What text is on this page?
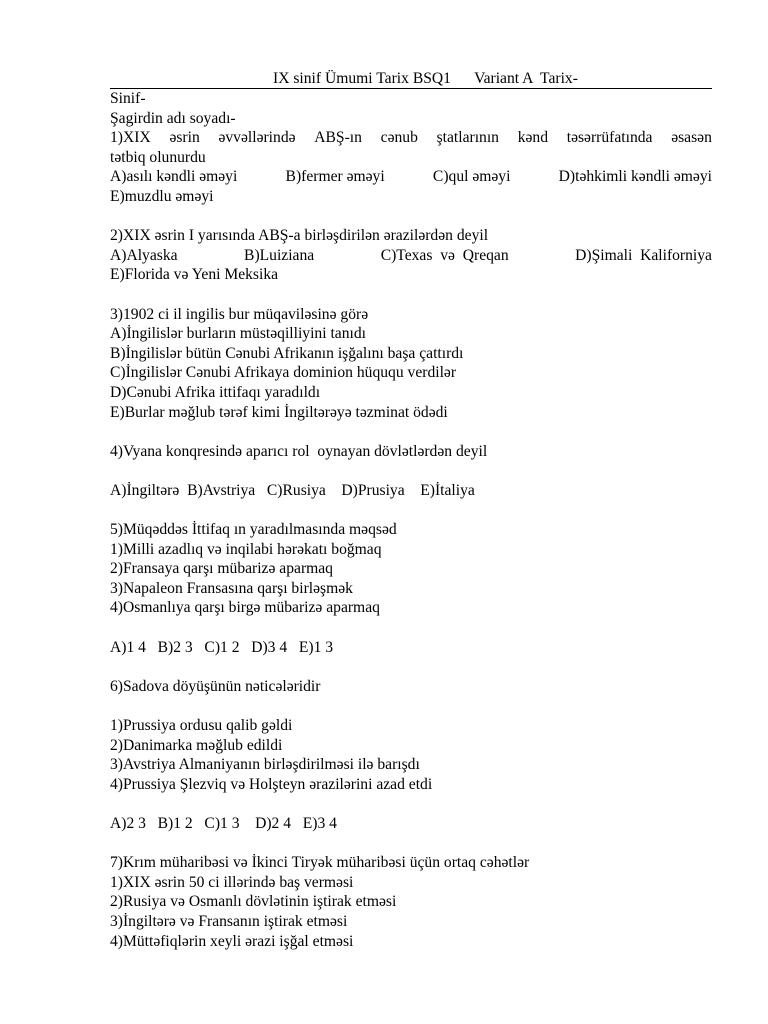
IX sinif Ümumi Tarix BSQ1 Variant A Tarix-
Sinif-
Şagirdin adı soyadı-
1)XIX əsrin əvvəllərində ABŞ-ın cənub ştatlarının kənd təsərrüfatında əsasən
tətbiq olunurdu
A)asılı kəndli əməyi	B)fermer əməyi	C)qul əməyi	D)təhkimli kəndli əməyi
E)muzdlu əməyi
2)XIX əsrin I yarısında ABŞ-a birləşdirilən ərazilərdən deyil
A)Alyaska	B)Luiziana	C)Texas  və  Qreqan	D)Şimali  Kaliforniya
E)Florida və Yeni Meksika
3)1902 ci il ingilis bur müqaviləsinə görə
A)İngilislər burların müstəqilliyini tanıdı
B)İngilislər bütün Cənubi Afrikanın işğalını başa çattırdı
C)İngilislər Cənubi Afrikaya dominion hüququ verdilər
D)Cənubi Afrika ittifaqı yaradıldı
E)Burlar məğlub tərəf kimi İngiltərəyə təzminat ödədi
4)Vyana konqresində aparıcı rol  oynayan dövlətlərdən deyil
A)İngiltərə  B)Avstriya   C)Rusiya    D)Prusiya    E)İtaliya
5)Müqəddəs İttifaq ın yaradılmasında məqsəd
1)Milli azadlıq və inqilabi hərəkatı boğmaq
2)Fransaya qarşı mübarizə aparmaq
3)Napaleon Fransasına qarşı birləşmək
4)Osmanlıya qarşı birgə mübarizə aparmaq
A)1 4   B)2 3   C)1 2   D)3 4   E)1 3
6)Sadova döyüşünün nəticələridir
1)Prussiya ordusu qalib gəldi
2)Danimarka məğlub edildi
3)Avstriya Almaniyanın birləşdirilməsi ilə barışdı
4)Prussiya Şlezviq və Holşteyn ərazilərini azad etdi
A)2 3   B)1 2   C)1 3    D)2 4   E)3 4
7)Krım müharibəsi və İkinci Tiryək müharibəsi üçün ortaq cəhətlər
1)XIX əsrin 50 ci illərində baş verməsi
2)Rusiya və Osmanlı dövlətinin iştirak etməsi
3)İngiltərə və Fransanın iştirak etməsi
4)Müttəfiqlərin xeyli ərazi işğal etməsi
